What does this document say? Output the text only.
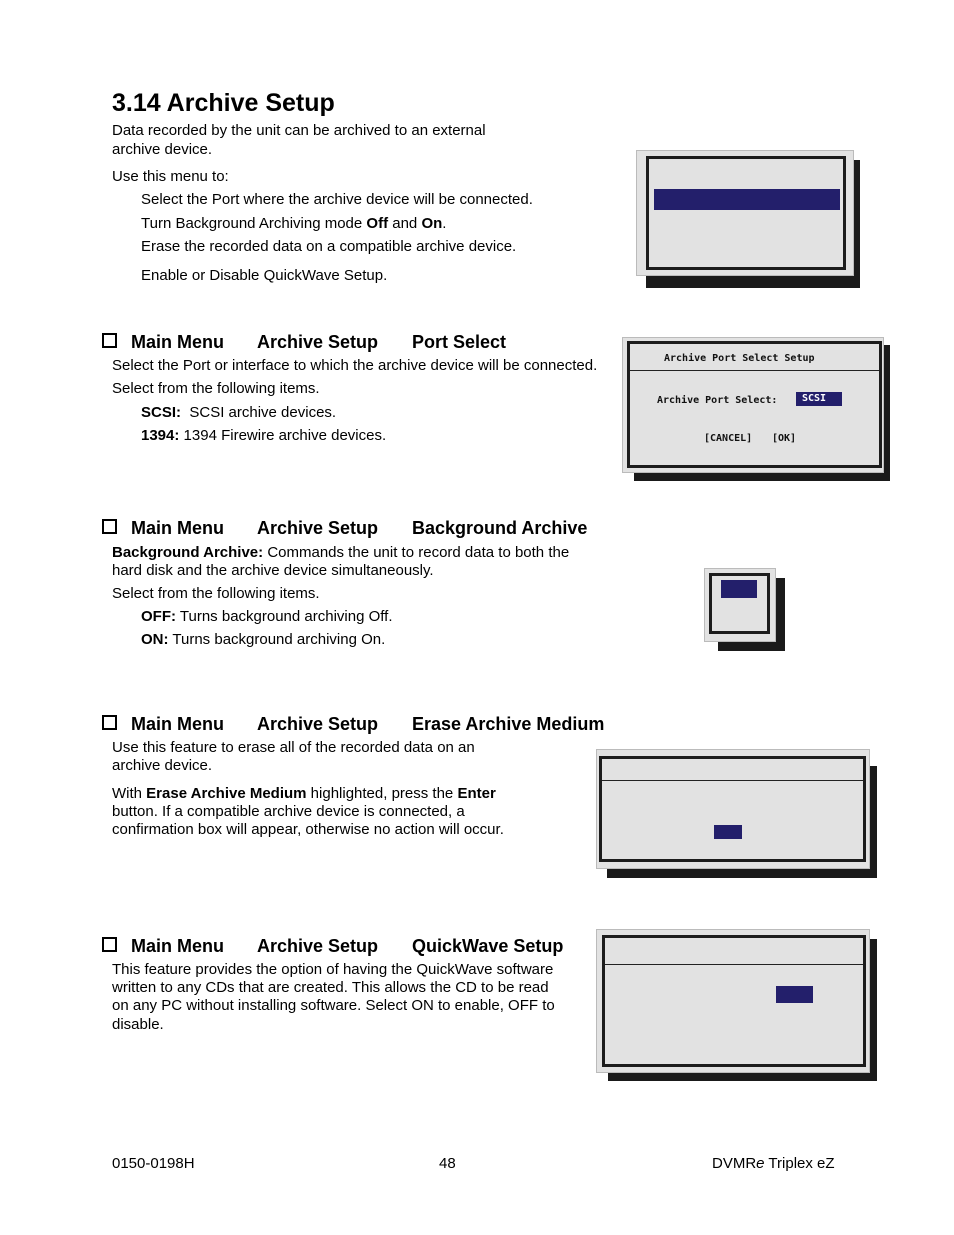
3.14 Archive Setup
Data recorded by the unit can be archived to an external
archive device.
Use this menu to:
Select the Port where the archive device will be connected.
Turn Background Archiving mode Off and On.
Erase the recorded data on a compatible archive device.
Enable or Disable QuickWave Setup.
Main Menu Archive Setup Port Select
Select the Port or interface to which the archive device will be connected.
Select from the following items.
SCSI: SCSI archive devices.
1394: 1394 Firewire archive devices.
Archive Port Select Setup
Archive Port Select:	SCSI
[CANCEL] [OK]
Main Menu Archive Setup Background Archive
Background Archive: Commands the unit to record data to both the
hard disk and the archive device simultaneously.
Select from the following items.
OFF: Turns background archiving Off.
ON: Turns background archiving On.
Main Menu Archive Setup Erase Archive Medium
Use this feature to erase all of the recorded data on an
archive device.
With Erase Archive Medium highlighted, press the Enter
button. If a compatible archive device is connected, a
confirmation box will appear, otherwise no action will occur.
Main Menu Archive Setup QuickWave Setup
This feature provides the option of having the QuickWave software
written to any CDs that are created. This allows the CD to be read
on any PC without installing software. Select ON to enable, OFF to
disable.
0150-0198H	48	DVMRe Triplex eZ
